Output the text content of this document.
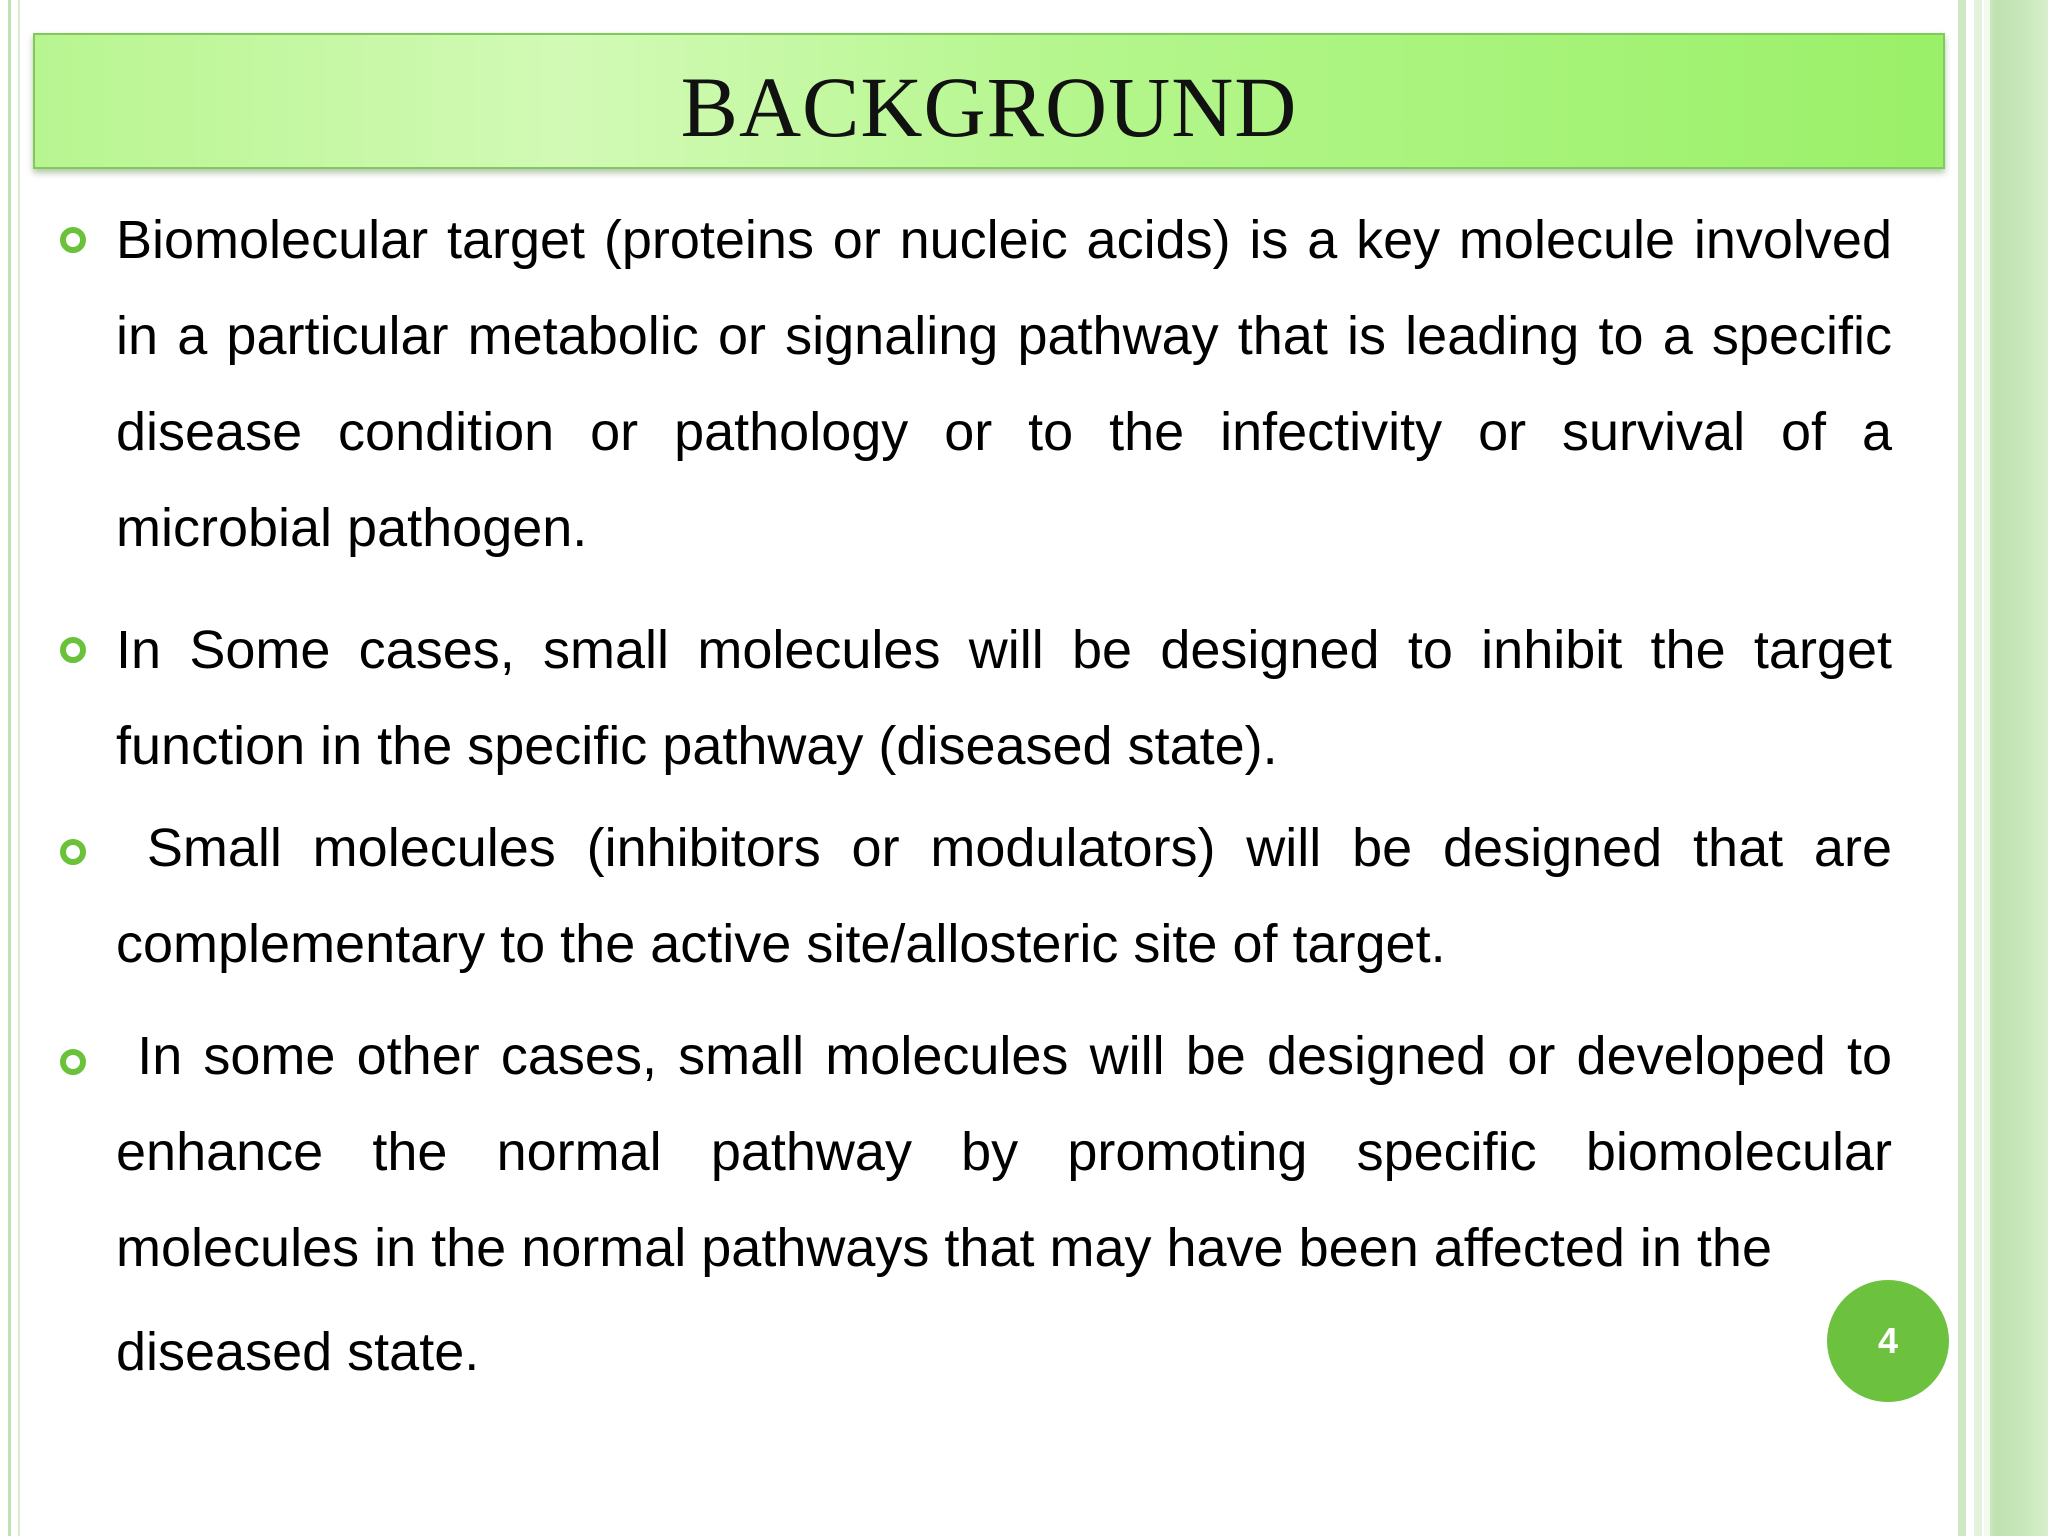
BACKGROUND
Biomolecular target (proteins or nucleic acids) is a key molecule involved in a particular metabolic or signaling pathway that is leading to a specific disease condition or pathology or to the infectivity or survival of a microbial pathogen.
In Some cases, small molecules will be designed to inhibit the target function in the specific pathway (diseased state).
Small molecules (inhibitors or modulators) will be designed that are complementary to the active site/allosteric site of target.
In some other cases, small molecules will be designed or developed to enhance the normal pathway by promoting specific biomolecular molecules in the normal pathways that may have been affected in the
diseased state.	4
